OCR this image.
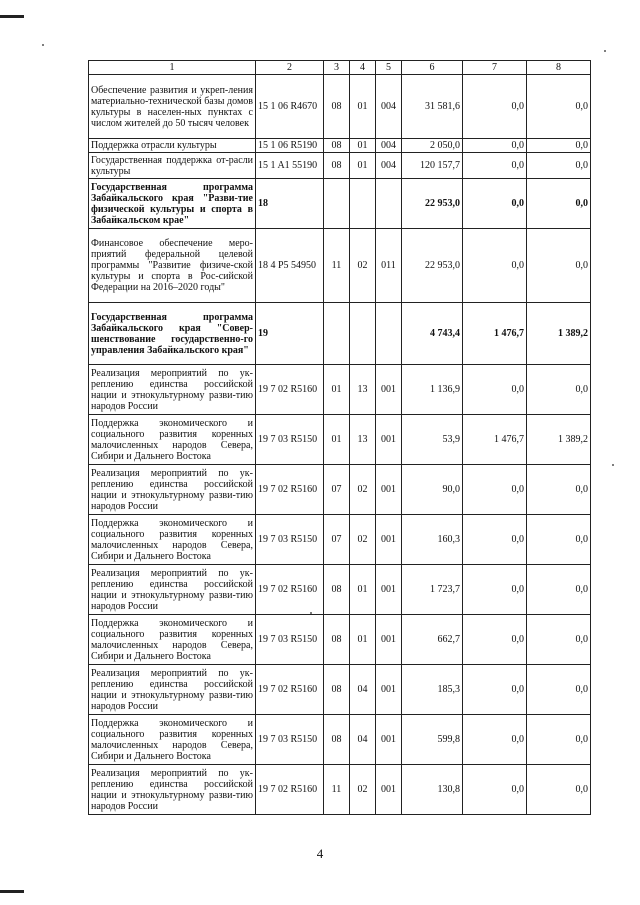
1	2	3	4	5	6	7	8
Обеспечение развития и укреп-ления материально-технической базы домов культуры в населен-ных пунктах с числом жителей до 50 тысяч человек	15 1 06 R4670	08	01	004	31 581,6	0,0	0,0
Поддержка отрасли культуры	15 1 06 R5190	08	01	004	2 050,0	0,0	0,0
Государственная поддержка от-расли культуры	15 1 A1 55190	08	01	004	120 157,7	0,0	0,0
Государственная программа Забайкальского края "Разви-тие физической культуры и спорта в Забайкальском крае"	18				22 953,0	0,0	0,0
Финансовое обеспечение меро-приятий федеральной целевой программы "Развитие физиче-ской культуры и спорта в Рос-сийской Федерации на 2016–2020 годы"	18 4 P5 54950	11	02	011	22 953,0	0,0	0,0
Государственная программа Забайкальского края "Совер-шенствование государственно-го управления Забайкальского края"	19				4 743,4	1 476,7	1 389,2
Реализация мероприятий по ук-реплению единства российской нации и этнокультурному разви-тию народов России	19 7 02 R5160	01	13	001	1 136,9	0,0	0,0
Поддержка экономического и социального развития коренных малочисленных народов Севера, Сибири и Дальнего Востока	19 7 03 R5150	01	13	001	53,9	1 476,7	1 389,2
Реализация мероприятий по ук-реплению единства российской нации и этнокультурному разви-тию народов России	19 7 02 R5160	07	02	001	90,0	0,0	0,0
Поддержка экономического и социального развития коренных малочисленных народов Севера, Сибири и Дальнего Востока	19 7 03 R5150	07	02	001	160,3	0,0	0,0
Реализация мероприятий по ук-реплению единства российской нации и этнокультурному разви-тию народов России	19 7 02 R5160	08	01	001	1 723,7	0,0	0,0
Поддержка экономического и социального развития коренных малочисленных народов Севера, Сибири и Дальнего Востока	19 7 03 R5150	08	01	001	662,7	0,0	0,0
Реализация мероприятий по ук-реплению единства российской нации и этнокультурному разви-тию народов России	19 7 02 R5160	08	04	001	185,3	0,0	0,0
Поддержка экономического и социального развития коренных малочисленных народов Севера, Сибири и Дальнего Востока	19 7 03 R5150	08	04	001	599,8	0,0	0,0
Реализация мероприятий по ук-реплению единства российской нации и этнокультурному разви-тию народов России	19 7 02 R5160	11	02	001	130,8	0,0	0,0
4
